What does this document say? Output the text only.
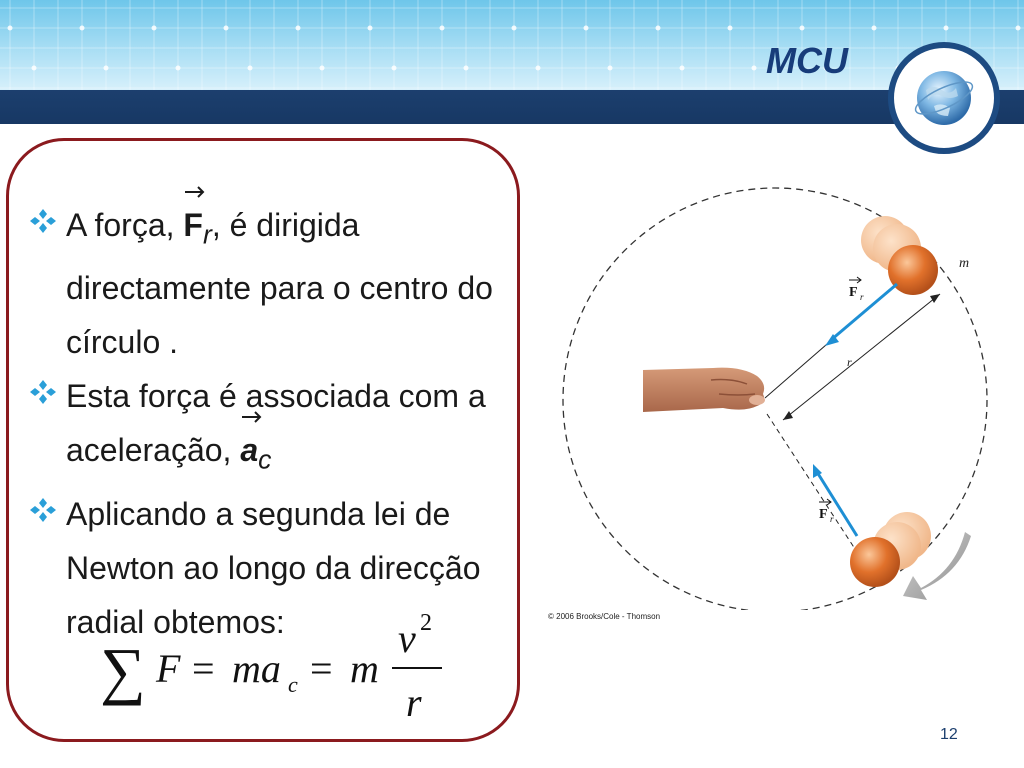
MCU
A força,
$F_r$, é dirigida directamente para o centro do círculo .
Esta força é associada com a aceleração,
$a_c$
Aplicando a segunda lei de Newton ao longo da direcção radial obtemos:
∑ F = ma c = m
v 2
r
r
m
F r
F r
© 2006 Brooks/Cole - Thomson
12
